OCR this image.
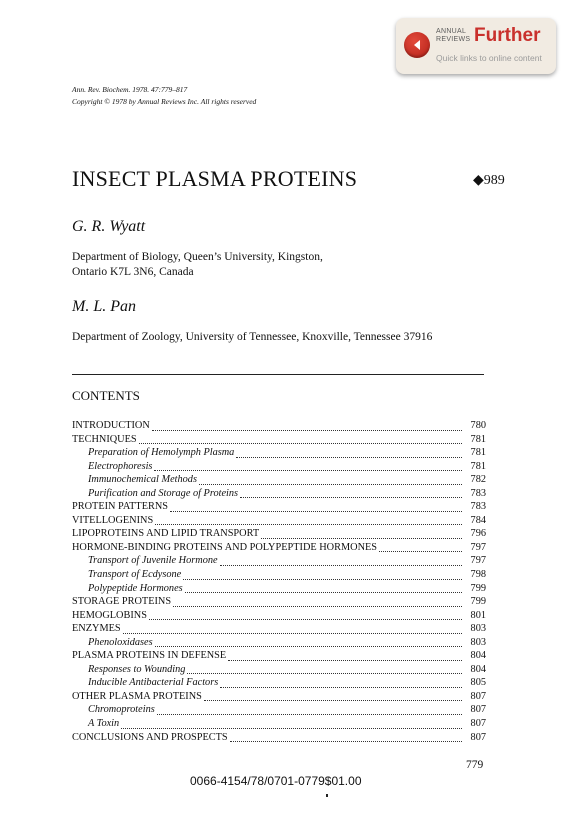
ANNUAL
REVIEWS Further
Quick links to online content
Ann. Rev. Biochem. 1978. 47:779–817
Copyright © 1978 by Annual Reviews Inc. All rights reserved
INSECT PLASMA PROTEINS	◆989
G. R. Wyatt
Department of Biology, Queen’s University, Kingston,
Ontario K7L 3N6, Canada
M. L. Pan
Department of Zoology, University of Tennessee, Knoxville, Tennessee 37916
CONTENTS
INTRODUCTION	780
TECHNIQUES	781
Preparation of Hemolymph Plasma	781
Electrophoresis	781
Immunochemical Methods	782
Purification and Storage of Proteins	783
PROTEIN PATTERNS	783
VITELLOGENINS	784
LIPOPROTEINS AND LIPID TRANSPORT	796
HORMONE-BINDING PROTEINS AND POLYPEPTIDE HORMONES	797
Transport of Juvenile Hormone	797
Transport of Ecdysone	798
Polypeptide Hormones	799
STORAGE PROTEINS	799
HEMOGLOBINS	801
ENZYMES	803
Phenoloxidases	803
PLASMA PROTEINS IN DEFENSE	804
Responses to Wounding	804
Inducible Antibacterial Factors	805
OTHER PLASMA PROTEINS	807
Chromoproteins	807
A Toxin	807
CONCLUSIONS AND PROSPECTS	807
779
0066-4154/78/0701-0779$01.00
